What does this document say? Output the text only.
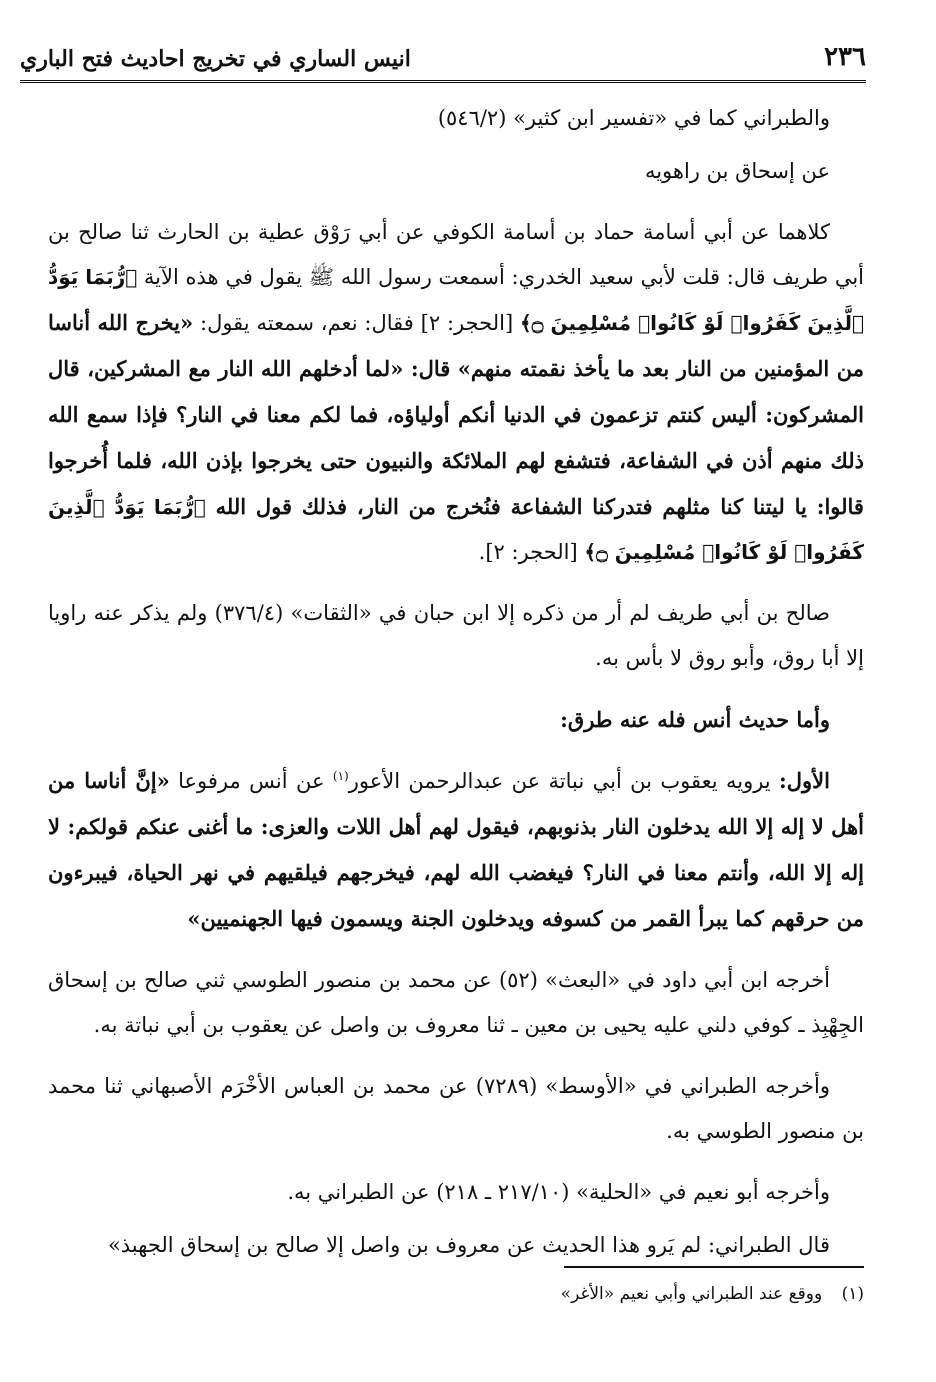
٢٣٦
انيس الساري في تخريج احاديث فتح الباري

والطبراني كما في «تفسير ابن كثير» (٥٤٦/٢)

عن إسحاق بن راهويه

كلاهما عن أبي أسامة حماد بن أسامة الكوفي عن أبي رَوْق عطية بن الحارث ثنا صالح بن أبي طريف قال: قلت لأبي سعيد الخدري: أسمعت رسول الله ﷺ يقول في هذه الآية ﴿رُّبَمَا يَوَدُّ ٱلَّذِينَ كَفَرُوا۟ لَوْ كَانُوا۟ مُسْلِمِينَ ۝﴾ [الحجر: ٢] فقال: نعم، سمعته يقول: «يخرج الله أناسا من المؤمنين من النار بعد ما يأخذ نقمته منهم» قال: «لما أدخلهم الله النار مع المشركين، قال المشركون: أليس كنتم تزعمون في الدنيا أنكم أولياؤه، فما لكم معنا في النار؟ فإذا سمع الله ذلك منهم أذن في الشفاعة، فتشفع لهم الملائكة والنبيون حتى يخرجوا بإذن الله، فلما أُخرجوا قالوا: يا ليتنا كنا مثلهم فتدركنا الشفاعة فنُخرج من النار، فذلك قول الله ﴿رُّبَمَا يَوَدُّ ٱلَّذِينَ كَفَرُوا۟ لَوْ كَانُوا۟ مُسْلِمِينَ ۝﴾ [الحجر: ٢].

صالح بن أبي طريف لم أر من ذكره إلا ابن حبان في «الثقات» (٣٧٦/٤) ولم يذكر عنه راويا إلا أبا روق، وأبو روق لا بأس به.

وأما حديث أنس فله عنه طرق:

الأول: يرويه يعقوب بن أبي نباتة عن عبدالرحمن الأعور$^{(١)}$ عن أنس مرفوعا «إنَّ أناسا من أهل لا إله إلا الله يدخلون النار بذنوبهم، فيقول لهم أهل اللات والعزى: ما أغنى عنكم قولكم: لا إله إلا الله، وأنتم معنا في النار؟ فيغضب الله لهم، فيخرجهم فيلقيهم في نهر الحياة، فيبرءون من حرقهم كما يبرأ القمر من كسوفه ويدخلون الجنة ويسمون فيها الجهنميين»

أخرجه ابن أبي داود في «البعث» (٥٢) عن محمد بن منصور الطوسي ثني صالح بن إسحاق الجِهْبِذ ـ كوفي دلني عليه يحيى بن معين ـ ثنا معروف بن واصل عن يعقوب بن أبي نباتة به.

وأخرجه الطبراني في «الأوسط» (٧٢٨٩) عن محمد بن العباس الأخْرَم الأصبهاني ثنا محمد بن منصور الطوسي به.

وأخرجه أبو نعيم في «الحلية» (٢١٧/١٠ ـ ٢١٨) عن الطبراني به.

قال الطبراني: لم يَرو هذا الحديث عن معروف بن واصل إلا صالح بن إسحاق الجهبذ»

(١) ووقع عند الطبراني وأبي نعيم «الأغر»
